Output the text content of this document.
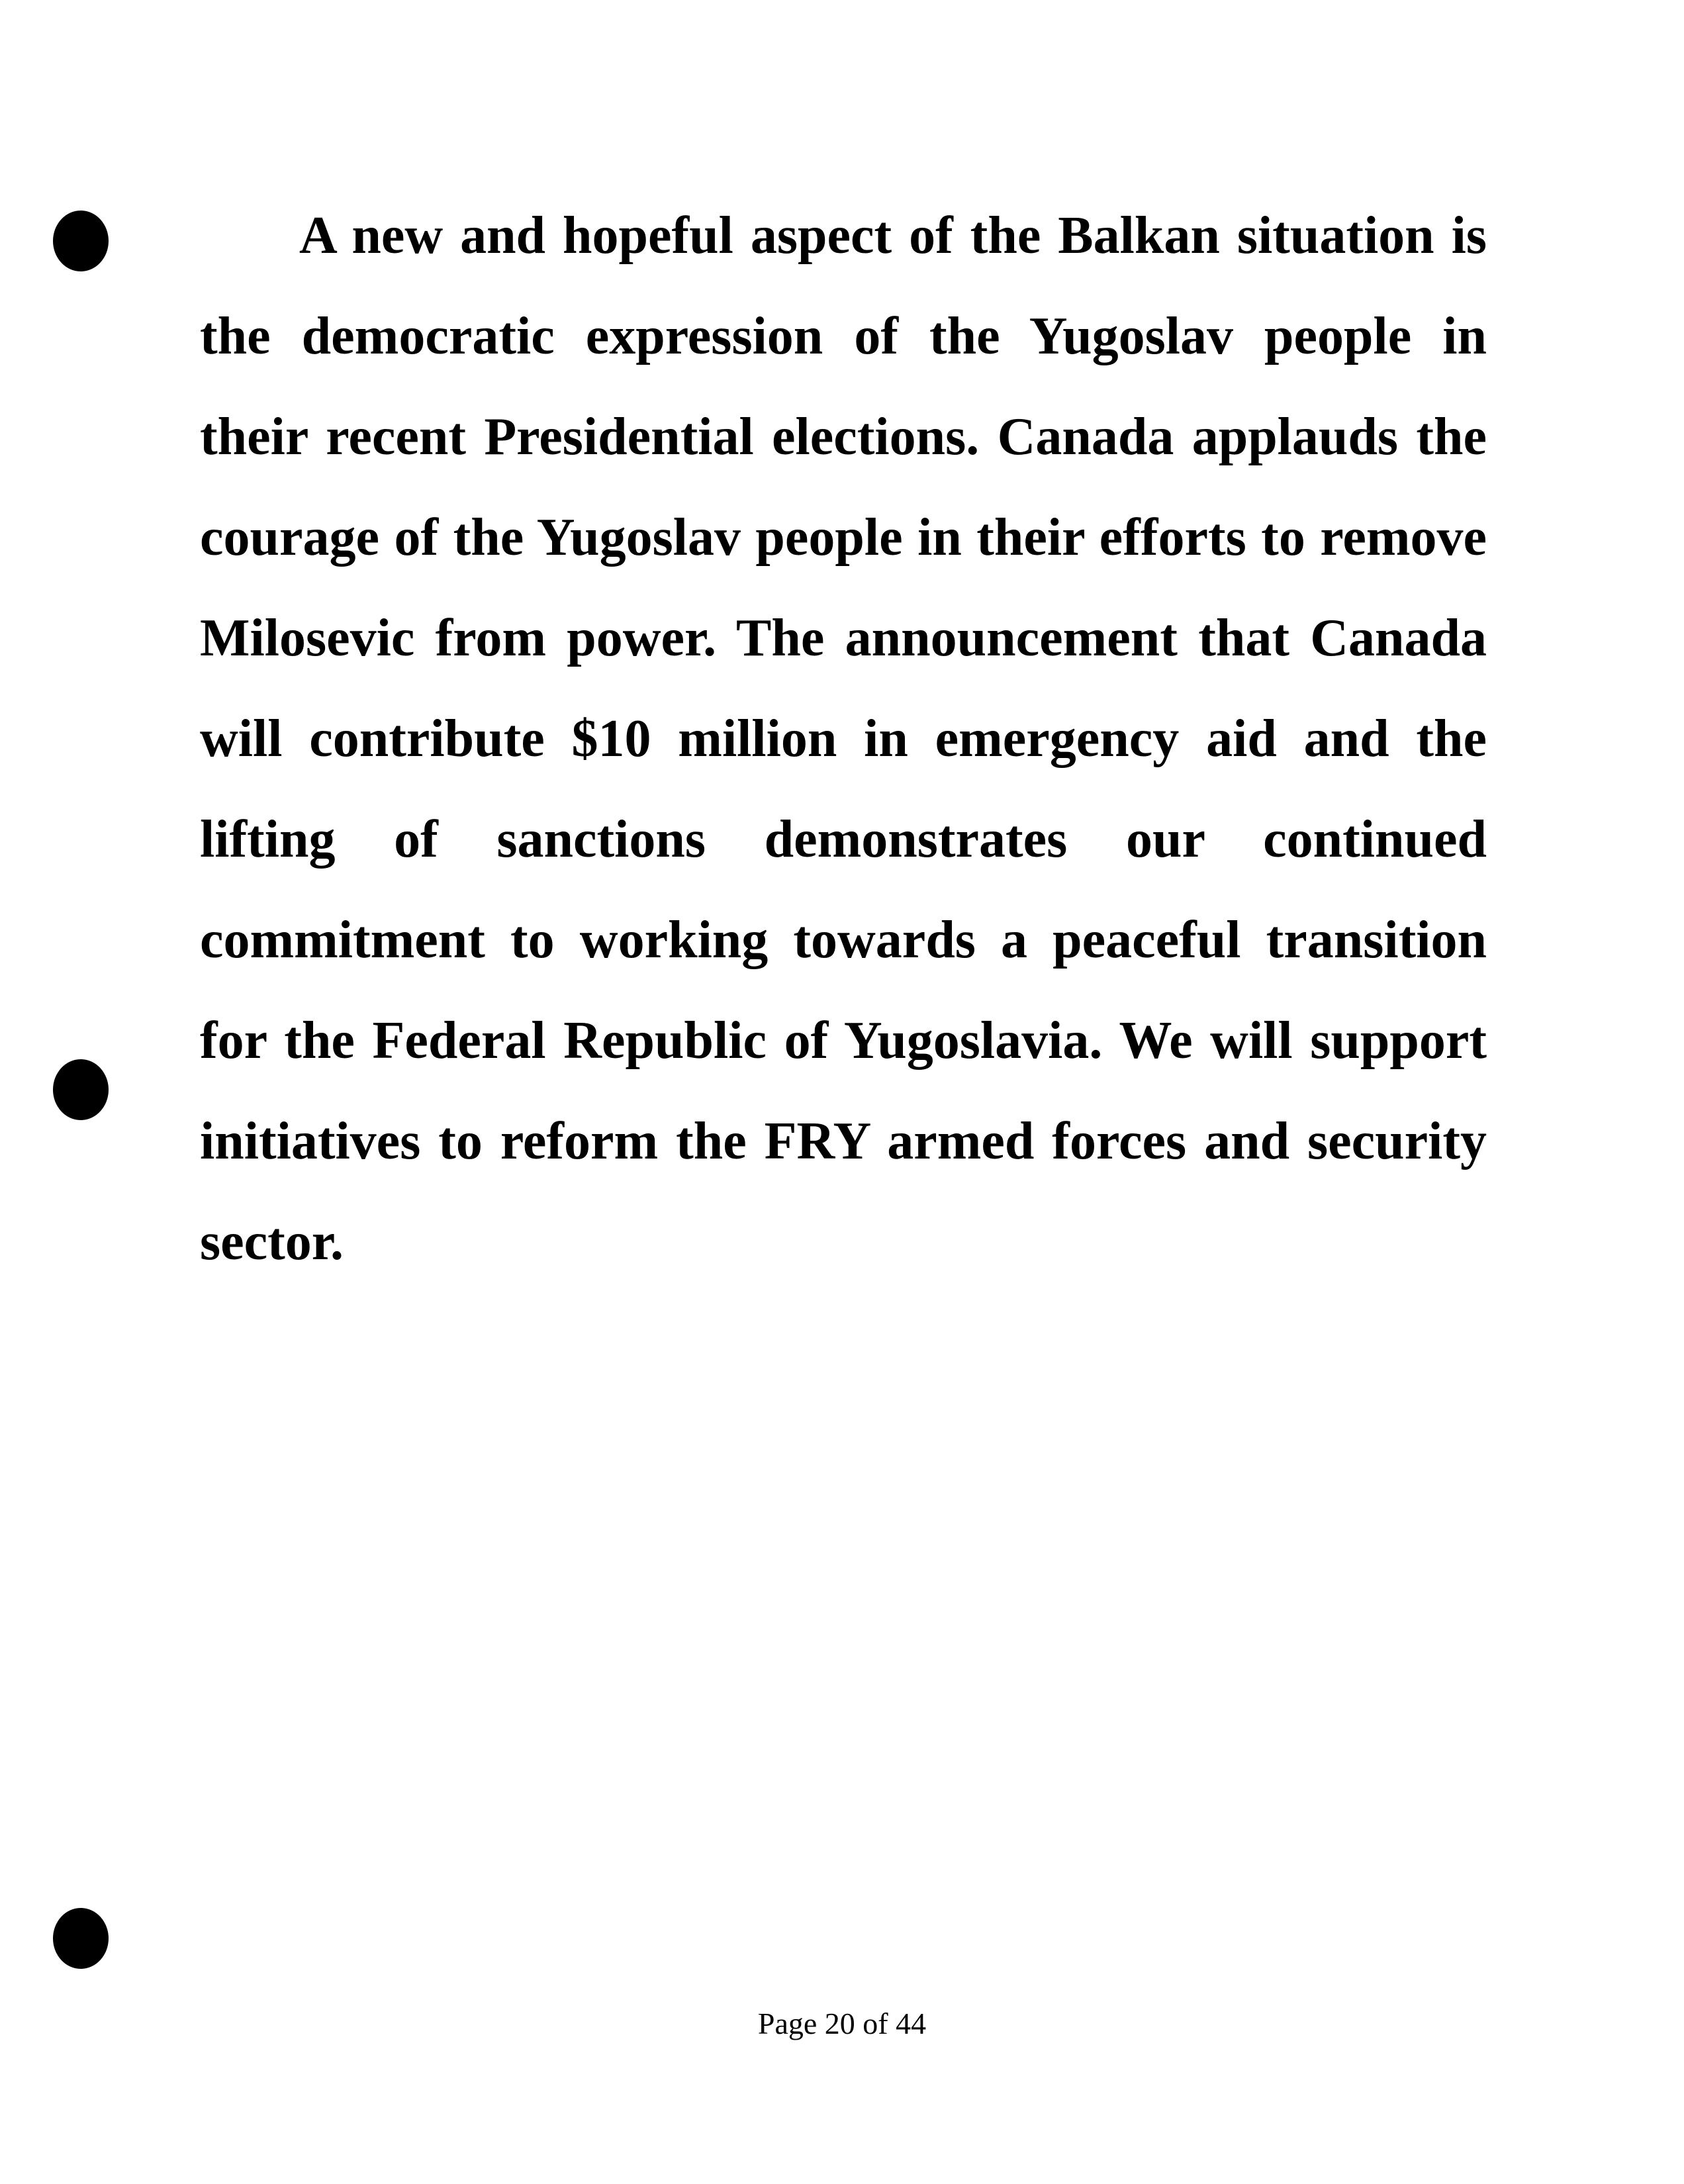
A new and hopeful aspect of the Balkan situation is
the democratic expression of the Yugoslav people in
their recent Presidential elections. Canada applauds the
courage of the Yugoslav people in their efforts to remove
Milosevic from power. The announcement that Canada
will contribute $10 million in emergency aid and the
lifting of sanctions demonstrates our continued
commitment to working towards a peaceful transition
for the Federal Republic of Yugoslavia. We will support
initiatives to reform the FRY armed forces and security
sector.
Page 20 of 44
